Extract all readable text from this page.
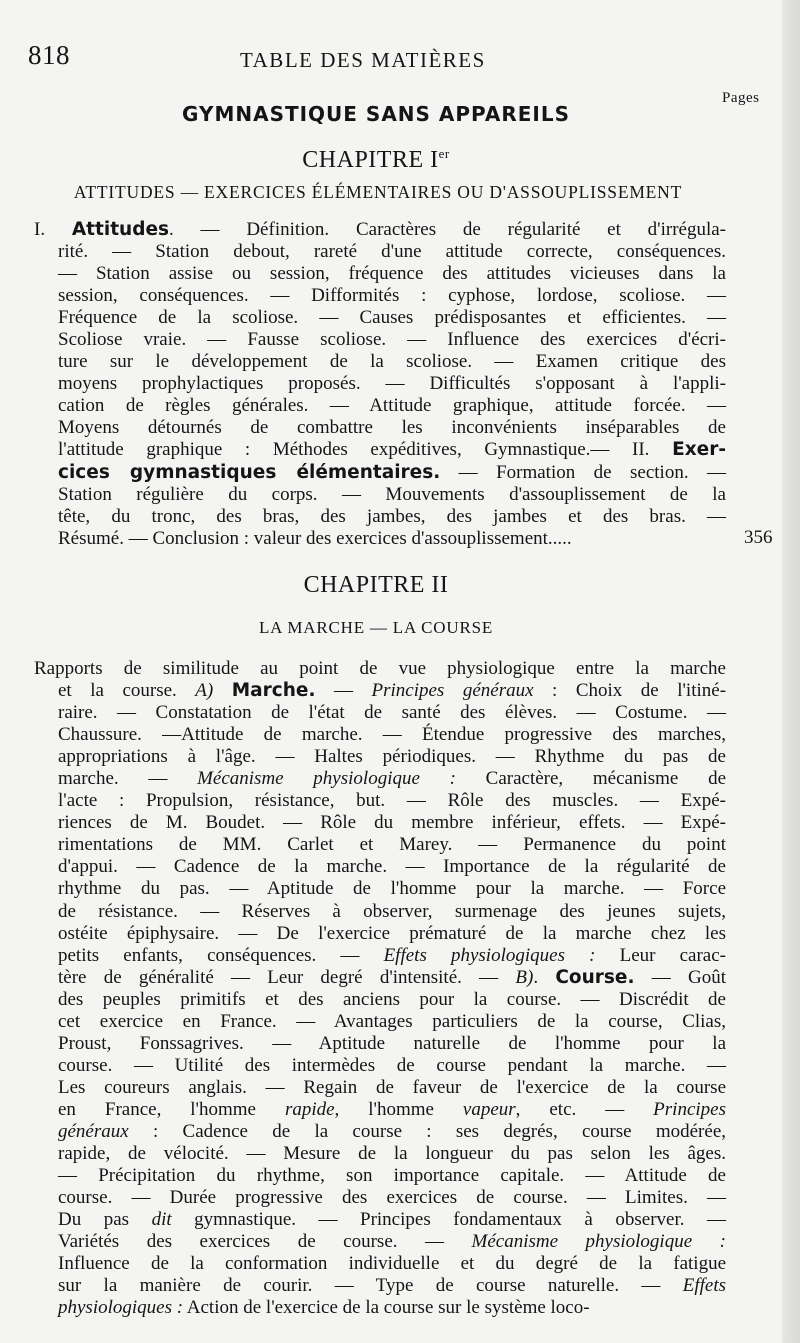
818	TABLE DES MATIÈRES
Pages
GYMNASTIQUE SANS APPAREILS
CHAPITRE Ier
ATTITUDES — EXERCICES ÉLÉMENTAIRES OU D'ASSOUPLISSEMENT
I. Attitudes. — Définition. Caractères de régularité et d'irrégula-
rité. — Station debout, rareté d'une attitude correcte, conséquences.
— Station assise ou session, fréquence des attitudes vicieuses dans la
session, conséquences. — Difformités : cyphose, lordose, scoliose. —
Fréquence de la scoliose. — Causes prédisposantes et efficientes. —
Scoliose vraie. — Fausse scoliose. — Influence des exercices d'écri-
ture sur le développement de la scoliose. — Examen critique des
moyens prophylactiques proposés. — Difficultés s'opposant à l'appli-
cation de règles générales. — Attitude graphique, attitude forcée. —
Moyens détournés de combattre les inconvénients inséparables de
l'attitude graphique : Méthodes expéditives, Gymnastique.— II. Exer-
cices gymnastiques élémentaires. — Formation de section. —
Station régulière du corps. — Mouvements d'assouplissement de la
tête, du tronc, des bras, des jambes, des jambes et des bras. —
Résumé. — Conclusion : valeur des exercices d'assouplissement.....	356
CHAPITRE II
LA MARCHE — LA COURSE
Rapports de similitude au point de vue physiologique entre la marche
et la course. A) Marche. — Principes généraux : Choix de l'itiné-
raire. — Constatation de l'état de santé des élèves. — Costume. —
Chaussure. —Attitude de marche. — Étendue progressive des marches,
appropriations à l'âge. — Haltes périodiques. — Rhythme du pas de
marche. — Mécanisme physiologique : Caractère, mécanisme de
l'acte : Propulsion, résistance, but. — Rôle des muscles. — Expé-
riences de M. Boudet. — Rôle du membre inférieur, effets. — Expé-
rimentations de MM. Carlet et Marey. — Permanence du point
d'appui. — Cadence de la marche. — Importance de la régularité de
rhythme du pas. — Aptitude de l'homme pour la marche. — Force
de résistance. — Réserves à observer, surmenage des jeunes sujets,
ostéite épiphysaire. — De l'exercice prématuré de la marche chez les
petits enfants, conséquences. — Effets physiologiques : Leur carac-
tère de généralité — Leur degré d'intensité. — B). Course. — Goût
des peuples primitifs et des anciens pour la course. — Discrédit de
cet exercice en France. — Avantages particuliers de la course, Clias,
Proust, Fonssagrives. — Aptitude naturelle de l'homme pour la
course. — Utilité des intermèdes de course pendant la marche. —
Les coureurs anglais. — Regain de faveur de l'exercice de la course
en France, l'homme rapide, l'homme vapeur, etc. — Principes
généraux : Cadence de la course : ses degrés, course modérée,
rapide, de vélocité. — Mesure de la longueur du pas selon les âges.
— Précipitation du rhythme, son importance capitale. — Attitude de
course. — Durée progressive des exercices de course. — Limites. —
Du pas dit gymnastique. — Principes fondamentaux à observer. —
Variétés des exercices de course. — Mécanisme physiologique :
Influence de la conformation individuelle et du degré de la fatigue
sur la manière de courir. — Type de course naturelle. — Effets
physiologiques : Action de l'exercice de la course sur le système loco-
